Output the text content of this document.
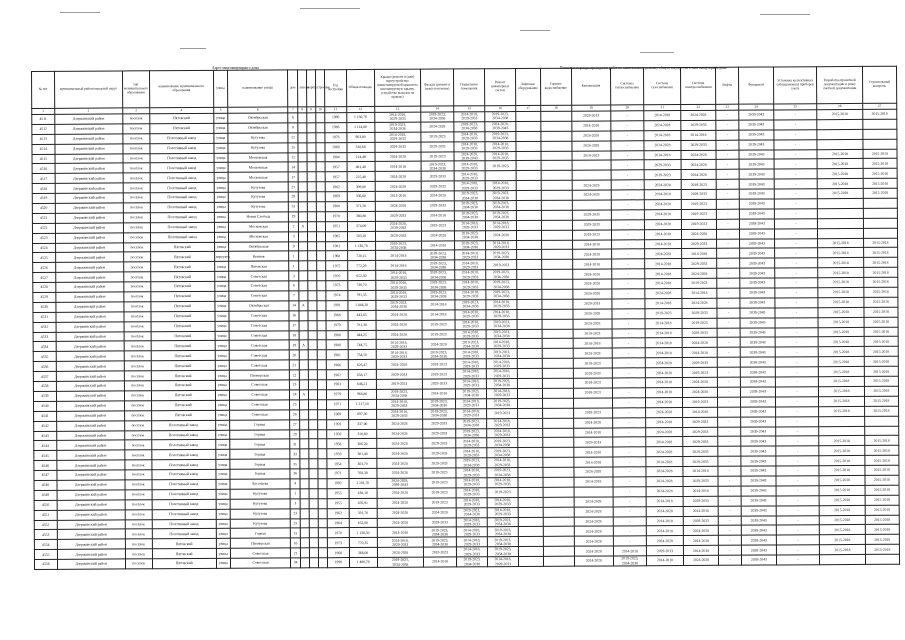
Адрес многоквартирного дома	Плановые периоды проведения работ по капитальному ремонту общего имущества в многоквартирном доме
№ п/п	муниципальный район/городской округ	тип муниципального образования	наименование муниципального образования	улица	наименование улицы	дом	литера	корпус	строение	Год постройки	Общая площадь	Крыша (ремонт и (или) переустройство невентилируемой крыши на вентилируемую крышу, устройство выходов на кровлю)	Фасады (ремонт и (или) утепление)	Подвальные помещения	Ремонт инженерных систем	Лифтовое оборудование	Горячее водоснабжение	Канализация	Системы теплоснабжения	Система газоснабжения	Система электроснабжения	Лифты	Фундамент	Установка коллективных (общедомовых) приборов учета	Разработка проектной документации и (или) сметной документации	Строительный контроль
1	2	3	4	5	6	7	8	9	10	11	12	13	14	15	16	17	18	19	20	21	22	23	24	25	26	27
4511	Дзержинский район	посёлок	Пятовский	улица	Октябрьская	6				1980	1 130,70	2014-2018,
2029-2033	2019-2023,
2034-2038	2014-2018,
2029-2033	2019-2023,
2034-2038			2029-2033	-	2014-2018	2024-2028	-	2039-2043	-	2015-2018	2015-2018
4512	Дзержинский район	посёлок	Пятовский	улица	Октябрьская	8				1986	1 114,80	2019-2023,
2034-2038	2024-2028	2019-2023,
2034-2038	2024-2028,
2039-2043			2014-2018	-	2024-2028	2029-2033	-	2039-2043	-		
4513	Дзержинский район	посёлок	Полотняный завод	улица	Кутузова	12				1976	903,00	2014-2018,
2029-2033	2019-2023	2014-2018,
2029-2033	2019-2023,
2034-2038			2024-2028	-	2014-2018	2014-2018	-	2039-2043	-		
4514	Дзержинский район	посёлок	Полотняный завод	улица	Кутузова	15				1960	318,60	2029-2033	2029-2033	2014-2018,
2029-2033	2014-2018,
2029-2033			2024-2028	-	2024-2028	2029-2033	-	2039-2043	-		
4515	Дзержинский район	посёлок	Полотняный завод	улица	Московская	12				1984	214,40	2024-2028	2019-2023	2024-2028,
2039-2043	2014-2018,
2029-2033			2019-2023	-	2014-2018	2024-2028	-	2039-2043	-	2015-2018	2015-2018
4516	Дзержинский район	посёлок	Полотняный завод	улица	Московская	14				1957	481,40	2014-2018	2019-2023,
2034-2038	2014-2018,
2029-2033	2019-2023				-	2029-2033	2024-2028	-	2039-2043	-	2015-2018	2015-2018
4517	Дзержинский район	посёлок	Полотняный завод	улица	Московская	17				1957	225,40	2024-2028	2029-2033	2014-2018,
2029-2033					-	2019-2023	2024-2028	-	2039-2043	-	2015-2018	2015-2018
4518	Дзержинский район	посёлок	Полотняный завод	улица	Кутузова	27				1962	309,80	2024-2028	2029-2033	2014-2018,
2029-2033	2014-2018,
2029-2033			2024-2028	-	2024-2028	2019-2023	-	2039-2043	-	2015-2018	2015-2018
4519	Дзержинский район	посёлок	Полотняный завод	улица	Кутузова	29				1969	336,60	2014-2018	2024-2028	2019-2023,
2034-2038	2019-2023,
2034-2038			2024-2028	-	2014-2018	2029-2033	-	2039-2043	-	2015-2018	2015-2018
4520	Дзержинский район	посёлок	Полотняный завод	улица	Кутузова	31				1968	371,50	2024-2028	2029-2033	2019-2023,
2034-2038	2019-2023,
2034-2038				-	2024-2028	2019-2023	-	2039-2043	-		
4521	Дзержинский район	посёлок	Полотняный завод	улица	Новая Слобода	19				1978	360,80	2029-2033	2014-2018	2019-2023,
2034-2038	2019-2023,
2034-2038			2029-2033	-	2014-2018	2019-2023	-	2039-2043	-		
4522	Дзержинский район	посёлок	Полотняный завод	улица	Московская	2	А			1951	374,00	2024-2028,
2039-2043	2019-2023	2014-2018,
2029-2033	2014-2018,
2029-2033			2029-2033	-	2024-2028	2019-2023	-	2039-2043	-		
4523	Дзержинский район	посёлок	Полотняный завод	улица	Московская	3				1985	503,10	2029-2033	2024-2028	2019-2023,
2034-2038	2024-2028			2019-2023	-	2014-2018	2024-2028	-	2039-2043	-		
4524	Дзержинский район	посёлок	Пятовский	улица	Октябрьская	9				1981	1 130,70	2019-2023,
2034-2038	2014-2018	2019-2023,
2034-2038	2014-2018,
2029-2033			2014-2018	-	2014-2018	2029-2033	-	2039-2043	-	2015-2018	2015-2018
4525	Дзержинский район	посёлок	Пятовский	переулок	Веннов	1				1968	720,15	2014-2018	2019-2023,
2034-2038	2014-2018,
2029-2033	2019-2023,
2034-2038			2024-2028	-	2024-2028	2014-2018	-	2039-2043	-	2015-2018	2015-2018
4526	Дзержинский район	посёлок	Пятовский	улица	Пятовская	1				1975	772,29	2014-2018	2019-2023,
2034-2038	2014-2018,
2029-2033	2019-2023			2014-2018	-	2014-2018	2029-2033	-	2039-2043	-	2015-2018	2015-2018
4527	Дзержинский район	посёлок	Пятовский	улица	Советская	3				1970	652,30	2014-2018,
2029-2033	2019-2023,
2034-2038	2014-2018,
2029-2033	2019-2023,
2034-2038			2024-2028	-	2014-2018	2024-2028	-	2039-2043	-	2015-2018	2015-2018
4528	Дзержинский район	посёлок	Пятовский	улица	Советская	6				1973	736,70	2014-2018,
2029-2033	2019-2023,
2034-2038	2014-2018,
2029-2033	2019-2023,
2034-2038			2024-2028	-	2014-2018	2019-2023	-	2039-2043	-	2015-2018	2015-2018
4529	Дзержинский район	посёлок	Пятовский	улица	Советская	7				1974	791,35	2014-2018,
2029-2033	2019-2023,
2034-2038	2014-2018,
2029-2033	2019-2023,
2034-2038			2024-2028	-	2024-2028	2014-2018	-	2039-2043	-	2015-2018	2015-2018
4530	Дзержинский район	посёлок	Пятовский	улица	Октябрьская	14	А			1991	1 844,20	2019-2023,
2034-2038	2014-2018	2019-2023,
2034-2038	2014-2018,
2029-2033			2029-2033	-	2014-2018	2024-2028	-	2039-2043	-	2015-2018	2015-2018
4531	Дзержинский район	посёлок	Пятовский	улица	Советская	16				1968	443,85	2024-2028	2014-2018	2014-2018,
2029-2033	2014-2018,
2029-2033			2024-2028	-	2019-2023	2029-2033	-	2039-2043	-	2015-2018	2015-2018
4532	Дзержинский район	посёлок	Пятовский	улица	Советская	17				1979	781,30	2024-2028	2019-2023	2014-2018,
2029-2033	2019-2023,
2034-2038			2024-2028	-	2014-2018	2019-2023	-	2039-2043	-	2015-2018	2015-2018
4533	Дзержинский район	посёлок	Пятовский	улица	Советская	18				1980	444,25	2024-2028	2019-2023	2014-2018,
2029-2033	2019-2023,
2034-2038			2019-2023	-	2014-2018	2029-2033	-	2039-2043	-	2015-2018	2015-2018
4534	Дзержинский район	посёлок	Пятовский	улица	Советская	19	А			1980	744,75	2014-2018,
2029-2033	2024-2028	2019-2023,
2034-2038	2014-2018,
2029-2033			2014-2018	-	2014-2018	2024-2028	-	2039-2043	-	2015-2018	2015-2018
4535	Дзержинский район	посёлок	Пятовский	улица	Советская	20				1981	734,50	2014-2018,
2029-2033	2019-2023,
2034-2038	2014-2018,
2029-2033	2019-2023,
2034-2038			2024-2028	-	2014-2018	2014-2018	-	2039-2043	-	2015-2018	2015-2018
4536	Дзержинский район	посёлок	Пятовский	улица	Советская	21				1966	626,47	2024-2028	2019-2023	2014-2018,
2029-2033	2014-2018,
2029-2033			2019-2023	-	2024-2028	2029-2033	-	2039-2043	-	2015-2018	2015-2018
4537	Дзержинский район	посёлок	Пятовский	улица	Пионерская	22				1962	658,17	2029-2033	2019-2023	2014-2018,
2029-2033	2014-2018,
2029-2033			2029-2033	-	2024-2028	2019-2023	-	2039-2043	-	2015-2018	2015-2018
4538	Дзержинский район	посёлок	Пятовский	улица	Советская	23				1963	646,21	2019-2023	2029-2033	2014-2018,
2029-2033	2019-2023,
2034-2038			2019-2023	-	2014-2018	2024-2028	-	2039-2043	-	2015-2018	2015-2018
4539	Дзержинский район	посёлок	Пятовский	улица	Советская	24	А			1979	968,80	2019-2023,
2034-2038	2014-2018	2019-2023,
2034-2038	2014-2018,
2029-2033			2019-2023	-	2014-2018	2024-2028	-	2039-2043	-	2015-2018	2015-2018
4540	Дзержинский район	посёлок	Пятовский	улица	Советская	25				1971	1 217,10	2014-2018,
2029-2033	2019-2023,
2034-2038	2014-2018,
2029-2033	2019-2023,
2034-2038				-	2014-2018	2019-2023	-	2039-2043	-	2015-2018	2015-2018
4541	Дзержинский район	посёлок	Пятовский	улица	Советская	26				1969	697,30	2014-2018,
2029-2033	2019-2023,
2034-2038	2014-2018,
2029-2033	2019-2023			2019-2023	-	2024-2028	2014-2018	-	2039-2043	-	2015-2018	2015-2018
4542	Дзержинский район	посёлок	Полотняный завод	улица	Горная	27				1959	337,00	2024-2028	2029-2033	2019-2023,
2034-2038	2014-2018,
2029-2033			2024-2028	-	2014-2018	2029-2033	-	2039-2043	-		
4543	Дзержинский район	посёлок	Полотняный завод	улица	Горная	29				1959	318,60	2024-2028	2029-2033	2019-2023,
2034-2038	2014-2018,
2029-2033			2014-2018	-	2024-2028	2029-2033	-	2039-2043	-		
4544	Дзержинский район	посёлок	Полотняный завод	улица	Горная	31				1958	306,20	2024-2028	2029-2033	2014-2018,
2029-2033	2019-2023,
2034-2038			2029-2033	-	2014-2018	2029-2033	-	2039-2043	-	2015-2018	2015-2018
4545	Дзержинский район	посёлок	Полотняный завод	улица	Горная	33				1959	301,40	2024-2028	2029-2033	2014-2018,
2029-2033	2019-2023,
2034-2038			2014-2018	-	2024-2028	2029-2033	-	2039-2043	-	2015-2018	2015-2018
4546	Дзержинский район	посёлок	Полотняный завод	улица	Горная	35				1954	303,70	2024-2028	2029-2033	2019-2023,
2034-2038	2014-2018,
2029-2033			2014-2018	-	2014-2018	2029-2033	-	2039-2043	-	2015-2018	2015-2018
4547	Дзержинский район	посёлок	Полотняный завод	улица	Горная	36				1971	768,30	2024-2028	2019-2023	2014-2018,
2029-2033	2019-2023,
2034-2038			2024-2028	-	2024-2028	2014-2018	-	2039-2043	-	2015-2018	2015-2018
4548	Дзержинский район	посёлок	Полотняный завод	улица	Арсеньева	4				1992	1 201,70	2024-2028,
2039-2043	2019-2023	2014-2018,
2029-2033	2014-2018,
2029-2033			2014-2018	-	2024-2028	2029-2033	-	2039-2043	-	2015-2018	2015-2018
4549	Дзержинский район	посёлок	Полотняный завод	улица	Кутузова	1				1955	438,10	2024-2028	2019-2023	2014-2018,
2029-2033	2019-2023				-	2024-2028	2014-2018	-	2039-2043	-	2015-2018	2015-2018
4550	Дзержинский район	посёлок	Полотняный завод	улица	Кутузова	3				1955	476,91	2024-2028	2019-2023	2014-2018,
2029-2033	2014-2018,
2029-2033			2024-2028	-	2014-2018	2029-2033	-	2039-2043	-	2015-2018	2015-2018
4551	Дзержинский район	посёлок	Полотняный завод	улица	Кутузова	23				1962	591,70	2024-2028	2024-2028	2019-2023,
2034-2038	2014-2018,
2029-2033			2024-2028	-	2024-2028	2014-2018	-	2039-2043	-	2015-2018	2015-2018
4552	Дзержинский район	посёлок	Полотняный завод	улица	Кутузова	25				1964	652,00	2024-2028	2029-2033	2014-2018,
2029-2033	2019-2023,
2034-2038			2024-2028	-	2014-2018	2029-2033	-	2039-2043	-	2015-2018	2015-2018
4553	Дзержинский район	посёлок	Полотняный завод	улица	Горная	15				1970	1 130,50	2014-2018	2019-2023,
2034-2038	2014-2018,
2029-2033	2019-2023,
2034-2038			2024-2028	-	2014-2018	2024-2028	-	2039-2043	-	2015-2018	2015-2018
4554	Дзержинский район	посёлок	Пятовский	улица	Пионерская	16				1973	770,35	2014-2018,
2029-2033	2019-2023,
2034-2038	2014-2018,
2029-2033	2019-2023,
2034-2038			2024-2028	-	2024-2028	2014-2018	-	2039-2043	-	2015-2018	2015-2018
4555	Дзержинский район	посёлок	Пятовский	улица	Советская	21				1960	366,00	2024-2028	2019-2023	2014-2018,
2029-2033	2019-2023,
2034-2038			2024-2028	2014-2018	2029-2033	2014-2018	-	2039-2043	-	2015-2018	2015-2018
4556	Дзержинский район	посёлок	Пятовский	улица	Советская	34				1990	1 400,70	2019-2023,
2034-2038	2014-2018	2019-2023,
2034-2038	2014-2018,
2029-2033			2024-2028	2019-2023,
2034-2038	2014-2018	2024-2028	-	2039-2043	-		
